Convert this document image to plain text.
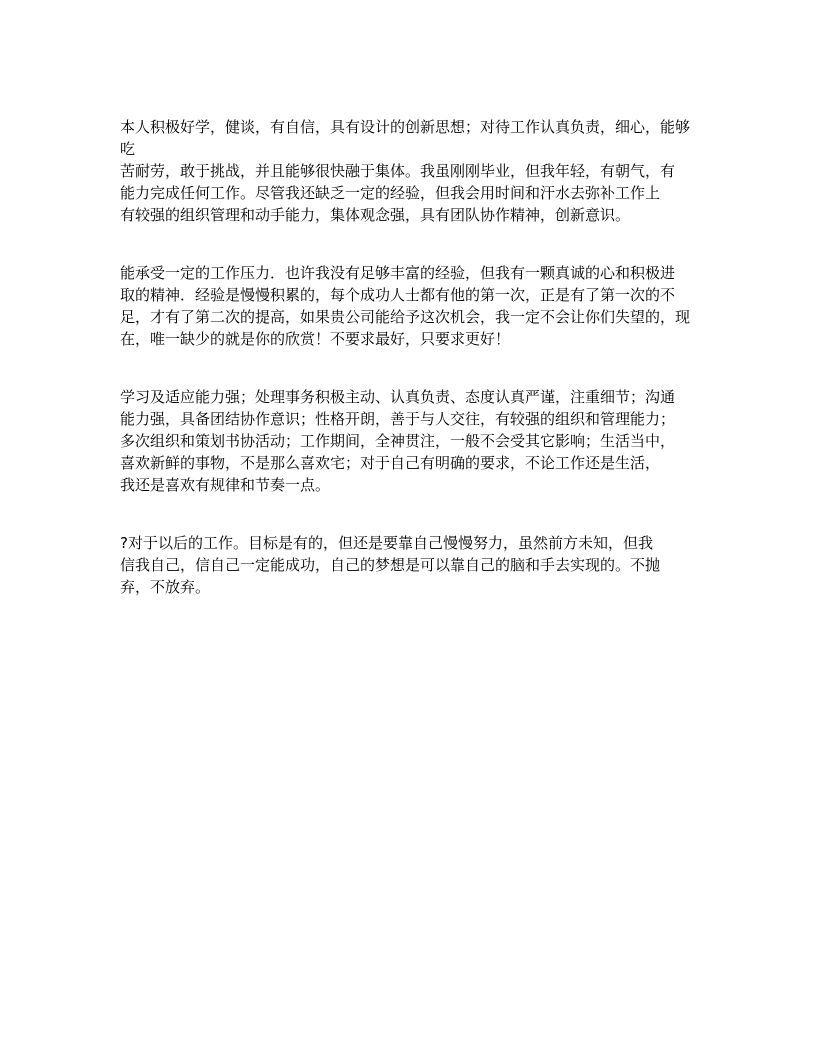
本人积极好学，健谈，有自信，具有设计的创新思想；对待工作认真负责，细心，能够吃
苦耐劳，敢于挑战，并且能够很快融于集体。我虽刚刚毕业，但我年轻，有朝气，有
能力完成任何工作。尽管我还缺乏一定的经验，但我会用时间和汗水去弥补工作上
有较强的组织管理和动手能力，集体观念强，具有团队协作精神，创新意识。

能承受一定的工作压力．也许我没有足够丰富的经验，但我有一颗真诚的心和积极进
取的精神．经验是慢慢积累的，每个成功人士都有他的第一次，正是有了第一次的不
足，才有了第二次的提高，如果贵公司能给予这次机会，我一定不会让你们失望的，现
在，唯一缺少的就是你的欣赏！不要求最好，只要求更好！

学习及适应能力强；处理事务积极主动、认真负责、态度认真严谨，注重细节；沟通
能力强，具备团结协作意识；性格开朗，善于与人交往，有较强的组织和管理能力；
多次组织和策划书协活动；工作期间，全神贯注，一般不会受其它影响；生活当中，
喜欢新鲜的事物，不是那么喜欢宅；对于自己有明确的要求，不论工作还是生活，
我还是喜欢有规律和节奏一点。

?对于以后的工作。目标是有的，但还是要靠自己慢慢努力，虽然前方未知，但我
信我自己，信自己一定能成功，自己的梦想是可以靠自己的脑和手去实现的。不抛
弃，不放弃。
